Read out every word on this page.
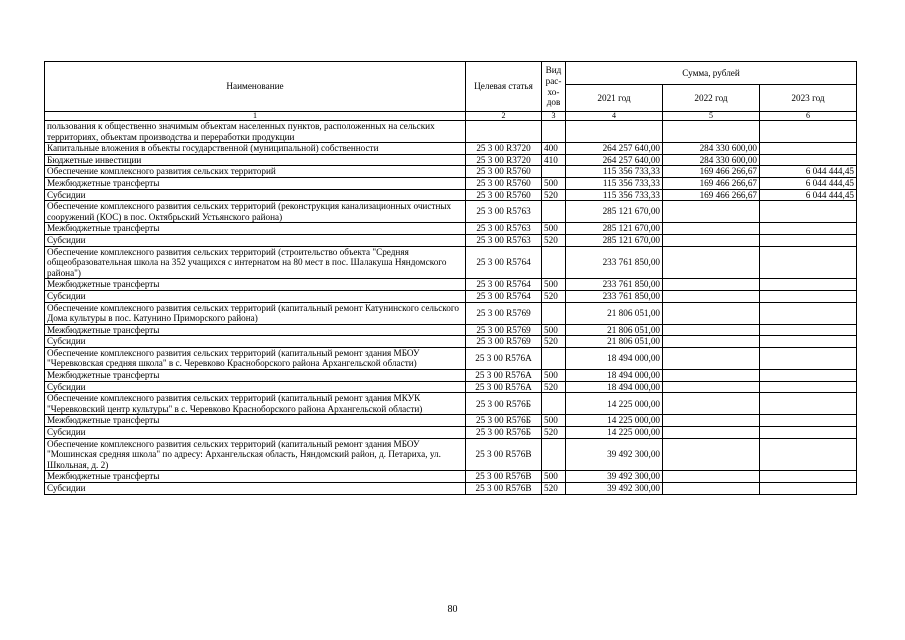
Наименование	Целевая статья	Вид рас-хо-дов	Сумма, рублей		
			2021 год	2022 год	2023 год
1	2	3	4	5	6
пользования к общественно значимым объектам населенных пунктов, расположенных на сельских территориях, объектам производства и переработки продукции					
Капитальные вложения в объекты государственной (муниципальной) собственности	25 3 00 R3720	400	264 257 640,00	284 330 600,00	
Бюджетные инвестиции	25 3 00 R3720	410	264 257 640,00	284 330 600,00	
Обеспечение комплексного развития сельских территорий	25 3 00 R5760		115 356 733,33	169 466 266,67	6 044 444,45
Межбюджетные трансферты	25 3 00 R5760	500	115 356 733,33	169 466 266,67	6 044 444,45
Субсидии	25 3 00 R5760	520	115 356 733,33	169 466 266,67	6 044 444,45
Обеспечение комплексного развития сельских территорий (реконструкция канализационных очистных сооружений (КОС) в пос. Октябрьский Устьянского района)	25 3 00 R5763		285 121 670,00		
Межбюджетные трансферты	25 3 00 R5763	500	285 121 670,00		
Субсидии	25 3 00 R5763	520	285 121 670,00		
Обеспечение комплексного развития сельских территорий (строительство объекта "Средняя общеобразовательная школа на 352 учащихся с интернатом на 80 мест в пос. Шалакуша Няндомского района")	25 3 00 R5764		233 761 850,00		
Межбюджетные трансферты	25 3 00 R5764	500	233 761 850,00		
Субсидии	25 3 00 R5764	520	233 761 850,00		
Обеспечение комплексного развития сельских территорий (капитальный ремонт Катунинского сельского Дома культуры в пос. Катунино Приморского района)	25 3 00 R5769		21 806 051,00		
Межбюджетные трансферты	25 3 00 R5769	500	21 806 051,00		
Субсидии	25 3 00 R5769	520	21 806 051,00		
Обеспечение комплексного развития сельских территорий (капитальный ремонт здания МБОУ "Черевковская средняя школа" в с. Черевково Красноборского района Архангельской области)	25 3 00 R576А		18 494 000,00		
Межбюджетные трансферты	25 3 00 R576А	500	18 494 000,00		
Субсидии	25 3 00 R576А	520	18 494 000,00		
Обеспечение комплексного развития сельских территорий (капитальный ремонт здания МКУК "Черевковский центр культуры" в с. Черевково Красноборского района Архангельской области)	25 3 00 R576Б		14 225 000,00		
Межбюджетные трансферты	25 3 00 R576Б	500	14 225 000,00		
Субсидии	25 3 00 R576Б	520	14 225 000,00		
Обеспечение комплексного развития сельских территорий (капитальный ремонт здания МБОУ "Мошинская средняя школа" по адресу: Архангельская область, Няндомский район, д. Петариха, ул. Школьная, д. 2)	25 3 00 R576В		39 492 300,00		
Межбюджетные трансферты	25 3 00 R576В	500	39 492 300,00		
Субсидии	25 3 00 R576В	520	39 492 300,00		
80
